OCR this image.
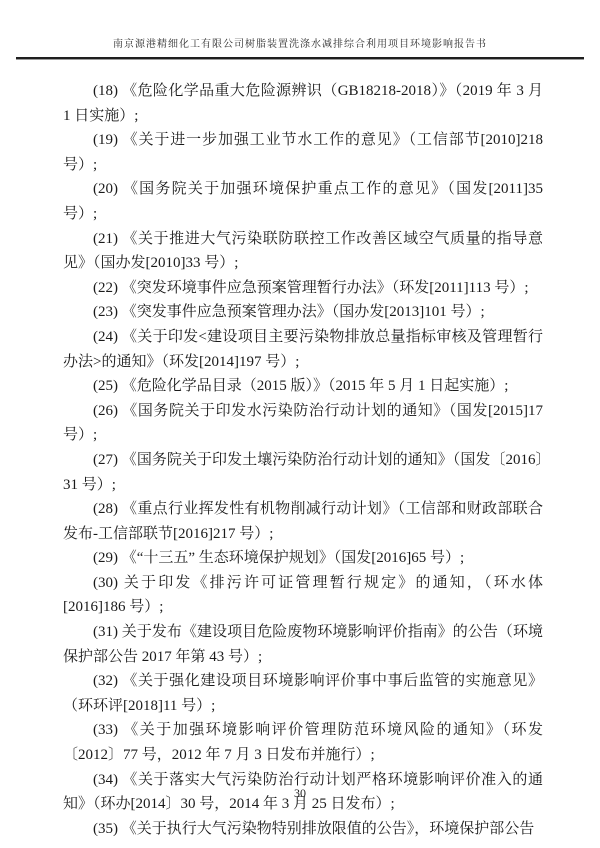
南京源港精细化工有限公司树脂装置洗涤水减排综合利用项目环境影响报告书

(18) 《危险化学品重大危险源辨识（GB18218-2018）》（2019 年 3 月 1 日实施）;

(19) 《关于进一步加强工业节水工作的意见》（工信部节[2010]218 号）;

(20) 《国务院关于加强环境保护重点工作的意见》（国发[2011]35 号）;

(21) 《关于推进大气污染联防联控工作改善区域空气质量的指导意见》（国办发[2010]33 号）;

(22) 《突发环境事件应急预案管理暂行办法》（环发[2011]113 号）;

(23) 《突发事件应急预案管理办法》（国办发[2013]101 号）;

(24) 《关于印发<建设项目主要污染物排放总量指标审核及管理暂行办法>的通知》（环发[2014]197 号）;

(25) 《危险化学品目录（2015 版）》（2015 年 5 月 1 日起实施）;

(26) 《国务院关于印发水污染防治行动计划的通知》（国发[2015]17 号）;

(27) 《国务院关于印发土壤污染防治行动计划的通知》（国发〔2016〕31 号）;

(28) 《重点行业挥发性有机物削减行动计划》（工信部和财政部联合发布-工信部联节[2016]217 号）;

(29) 《“十三五” 生态环境保护规划》（国发[2016]65 号）;

(30) 关于印发《排污许可证管理暂行规定》的通知，（环水体[2016]186 号）;

(31) 关于发布《建设项目危险废物环境影响评价指南》的公告（环境保护部公告 2017 年第 43 号）;

(32) 《关于强化建设项目环境影响评价事中事后监管的实施意见》（环环评[2018]11 号）;

(33) 《关于加强环境影响评价管理防范环境风险的通知》（环发〔2012〕77 号，2012 年 7 月 3 日发布并施行）;

(34) 《关于落实大气污染防治行动计划严格环境影响评价准入的通知》（环办[2014〕30 号，2014 年 3 月 25 日发布）;

(35) 《关于执行大气污染物特别排放限值的公告》，环境保护部公告

30
